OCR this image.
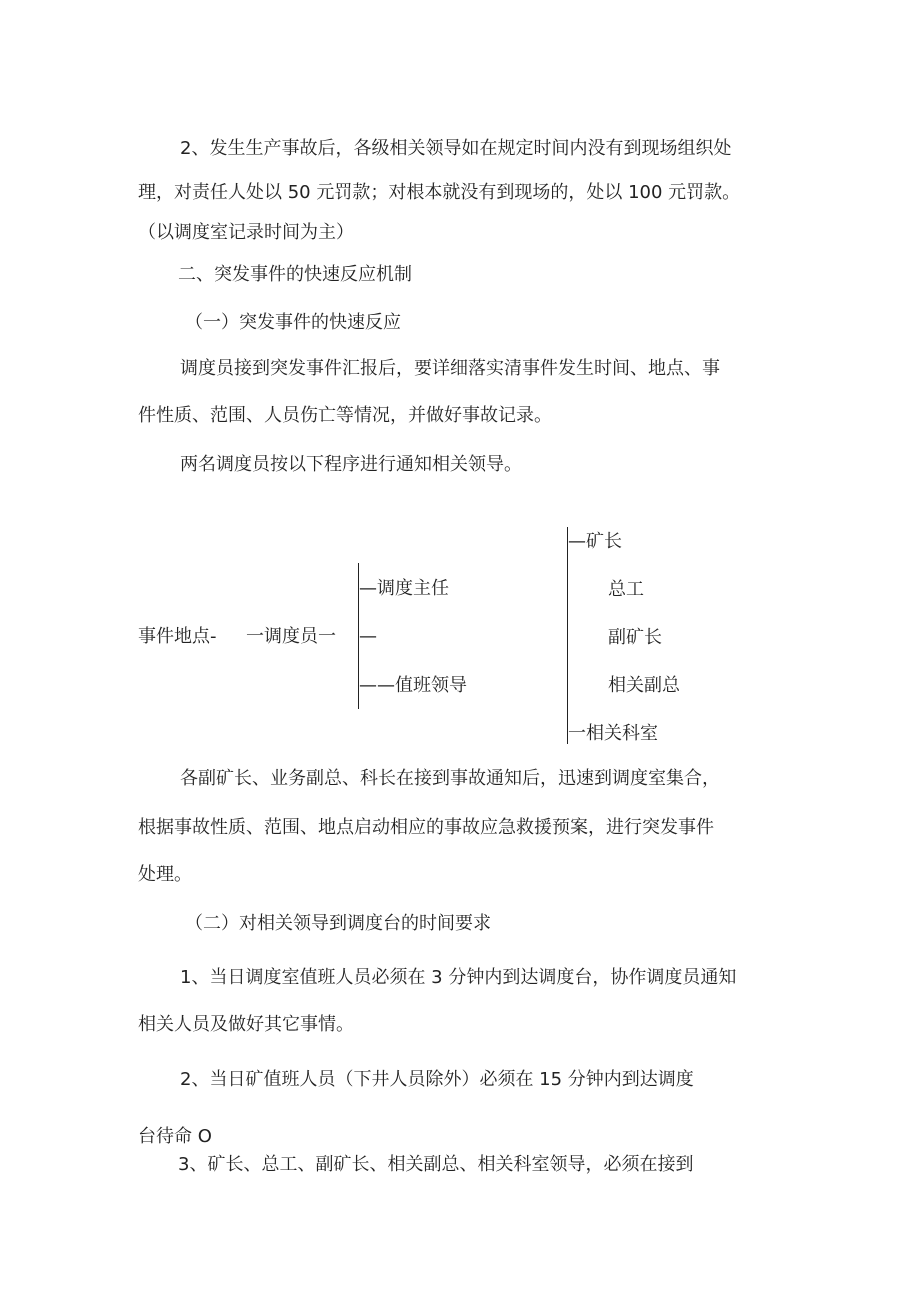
2、发生生产事故后，各级相关领导如在规定时间内没有到现场组织处
理，对责任人处以 50 元罚款；对根本就没有到现场的，处以 100 元罚款。
（以调度室记录时间为主）
二、突发事件的快速反应机制
（一）突发事件的快速反应
调度员接到突发事件汇报后，要详细落实清事件发生时间、地点、事
件性质、范围、人员伤亡等情况，并做好事故记录。
两名调度员按以下程序进行通知相关领导。
事件地点- 一调度员一
—调度主任
—
——值班领导
—矿长
总工
副矿长
相关副总
一相关科室
各副矿长、业务副总、科长在接到事故通知后，迅速到调度室集合，
根据事故性质、范围、地点启动相应的事故应急救援预案，进行突发事件
处理。
（二）对相关领导到调度台的时间要求
1、当日调度室值班人员必须在 3 分钟内到达调度台，协作调度员通知
相关人员及做好其它事情。
2、当日矿值班人员（下井人员除外）必须在 15 分钟内到达调度
台待命 O
3、矿长、总工、副矿长、相关副总、相关科室领导，必须在接到
